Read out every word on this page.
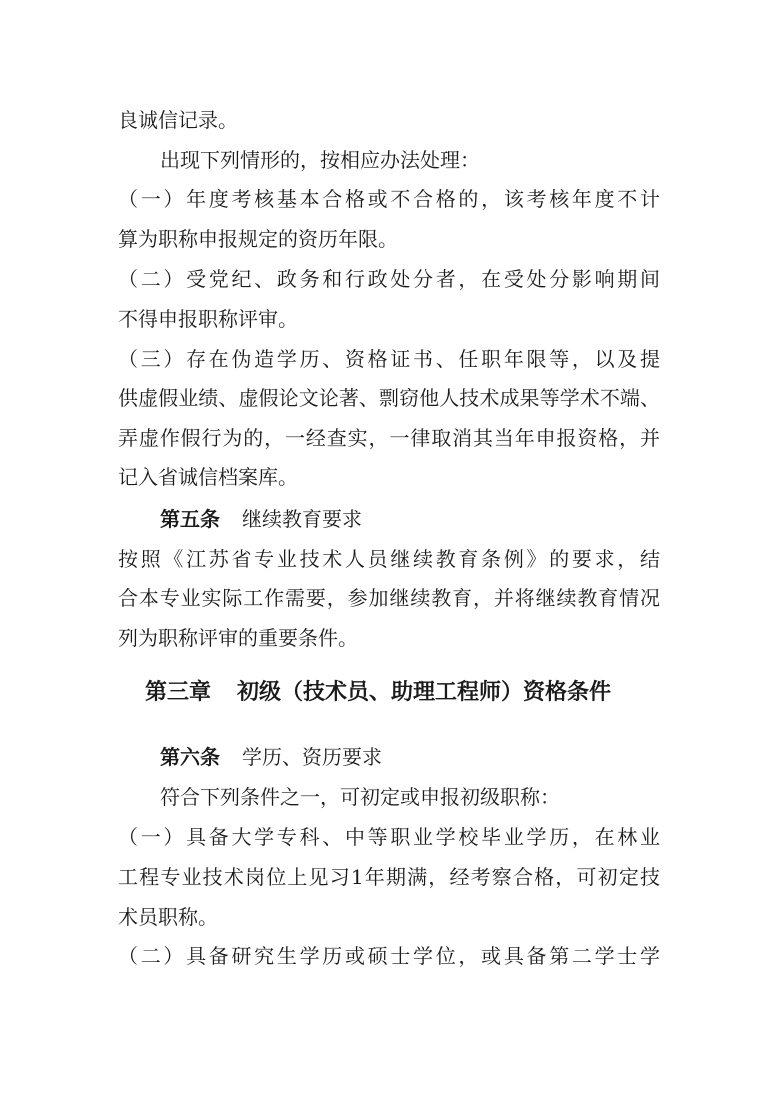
良诚信记录。

出现下列情形的，按相应办法处理：

（一）年度考核基本合格或不合格的，该考核年度不计

算为职称申报规定的资历年限。

（二）受党纪、政务和行政处分者，在受处分影响期间

不得申报职称评审。

（三）存在伪造学历、资格证书、任职年限等，以及提

供虚假业绩、虚假论文论著、剽窃他人技术成果等学术不端、

弄虚作假行为的，一经查实，一律取消其当年申报资格，并

记入省诚信档案库。

第五条 继续教育要求

按照《江苏省专业技术人员继续教育条例》的要求，结

合本专业实际工作需要，参加继续教育，并将继续教育情况

列为职称评审的重要条件。

第三章 初级（技术员、助理工程师）资格条件

第六条 学历、资历要求

符合下列条件之一，可初定或申报初级职称：

（一）具备大学专科、中等职业学校毕业学历，在林业

工程专业技术岗位上见习1年期满，经考察合格，可初定技

术员职称。

（二）具备研究生学历或硕士学位，或具备第二学士学
